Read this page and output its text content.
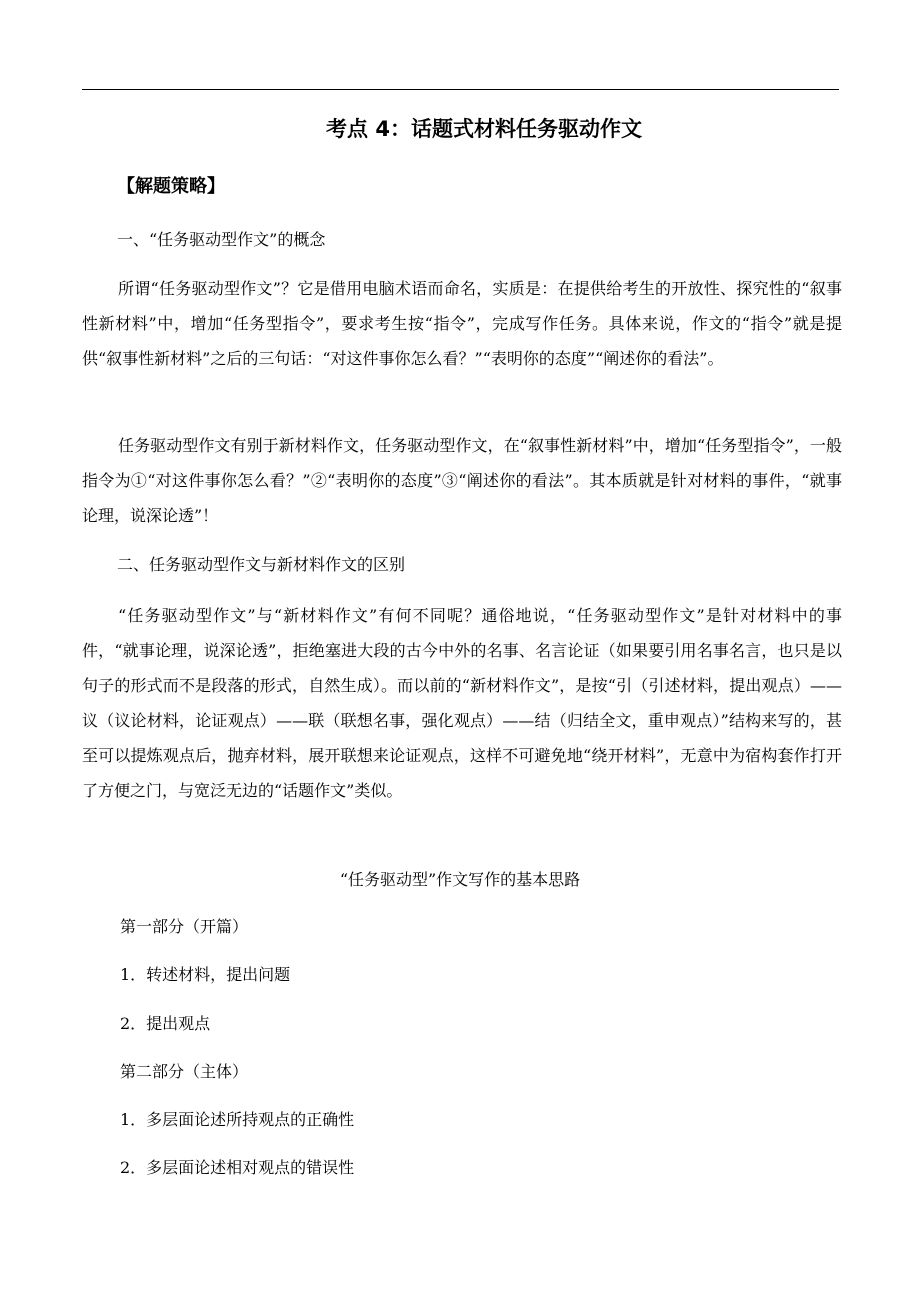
考点 4：话题式材料任务驱动作文
【解题策略】
一、“任务驱动型作文”的概念
所谓“任务驱动型作文”？它是借用电脑术语而命名，实质是：在提供给考生的开放性、探究性的“叙事性新材料”中，增加“任务型指令”，要求考生按“指令”，完成写作任务。具体来说，作文的“指令”就是提供“叙事性新材料”之后的三句话：“对这件事你怎么看？”“表明你的态度”“阐述你的看法”。
任务驱动型作文有别于新材料作文，任务驱动型作文，在“叙事性新材料”中，增加“任务型指令”，一般指令为①“对这件事你怎么看？”②“表明你的态度”③“阐述你的看法”。其本质就是针对材料的事件，“就事论理，说深论透”！
二、任务驱动型作文与新材料作文的区别
“任务驱动型作文”与“新材料作文”有何不同呢？通俗地说，“任务驱动型作文”是针对材料中的事件，“就事论理，说深论透”，拒绝塞进大段的古今中外的名事、名言论证（如果要引用名事名言，也只是以句子的形式而不是段落的形式，自然生成）。而以前的“新材料作文”，是按“引（引述材料，提出观点）——议（议论材料，论证观点）——联（联想名事，强化观点）——结（归结全文，重申观点）”结构来写的，甚至可以提炼观点后，抛弃材料，展开联想来论证观点，这样不可避免地“绕开材料”，无意中为宿构套作打开了方便之门，与宽泛无边的“话题作文”类似。
“任务驱动型”作文写作的基本思路
第一部分（开篇）
1．转述材料，提出问题
2．提出观点
第二部分（主体）
1．多层面论述所持观点的正确性
2．多层面论述相对观点的错误性
